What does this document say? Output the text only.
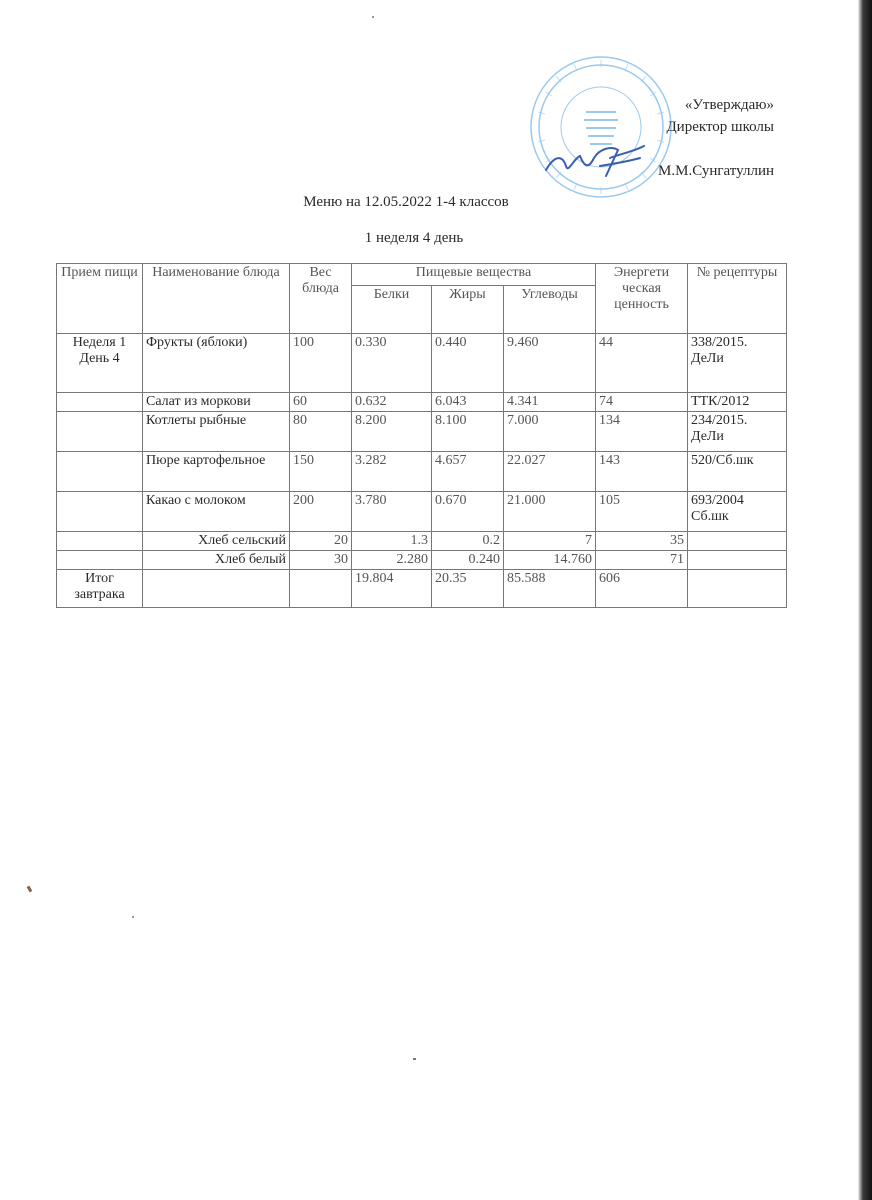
«Утверждаю»
Директор школы
М.М.Сунгатуллин
Меню на 12.05.2022 1-4 классов
1 неделя 4 день
Прием пищи	Наименование блюда	Вес блюда	Пищевые вещества			Энергети ческая ценность	№ рецептуры
			Белки	Жиры	Углеводы		
Неделя 1 День 4	Фрукты (яблоки)	100	0.330	0.440	9.460	44	338/2015. ДеЛи
	Салат из моркови	60	0.632	6.043	4.341	74	ТТК/2012
	Котлеты рыбные	80	8.200	8.100	7.000	134	234/2015. ДеЛи
	Пюре картофельное	150	3.282	4.657	22.027	143	520/Сб.шк
	Какао с молоком	200	3.780	0.670	21.000	105	693/2004 Сб.шк
	Хлеб сельский	20	1.3	0.2	7	35	
	Хлеб белый	30	2.280	0.240	14.760	71	
Итог завтрака			19.804	20.35	85.588	606	
